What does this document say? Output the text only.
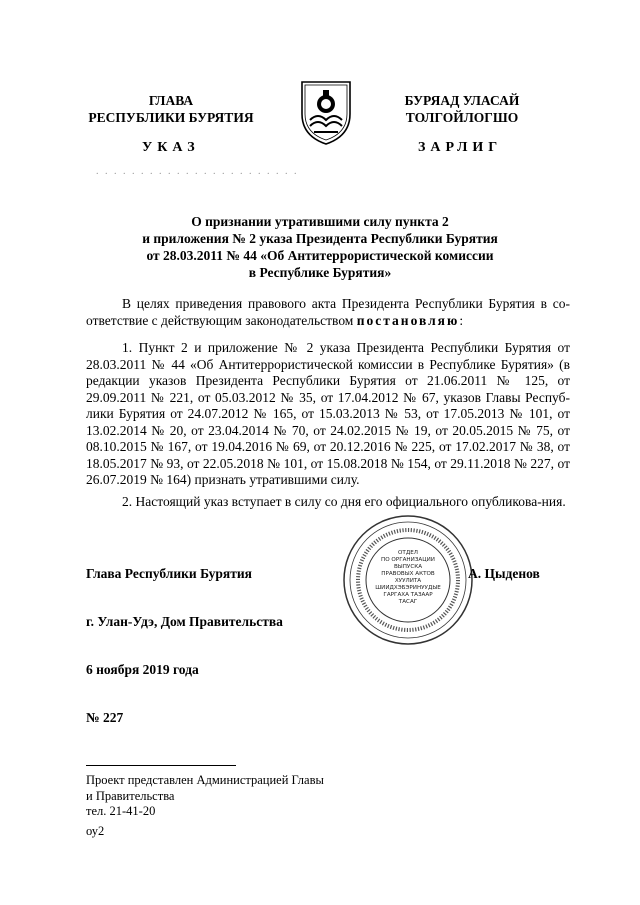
ГЛАВА
РЕСПУБЛИКИ БУРЯТИЯ
БУРЯАД УЛАСАЙ
ТОЛГОЙЛОГШО
УКАЗ	ЗАРЛИГ
. . . . . . . . . . . . . . . . . . . . . . .
О признании утратившими силу пункта 2
и приложения № 2 указа Президента Республики Бурятия
от 28.03.2011 № 44 «Об Антитеррористической комиссии
в Республике Бурятия»
В целях приведения правового акта Президента Республики Бурятия в со-ответствие с действующим законодательством постановляю:
1. Пункт 2 и приложение № 2 указа Президента Республики Бурятия от 28.03.2011 № 44 «Об Антитеррористической комиссии в Республике Бурятия» (в редакции указов Президента Республики Бурятия от 21.06.2011 № 125, от 29.09.2011 № 221, от 05.03.2012 № 35, от 17.04.2012 № 67, указов Главы Респуб-лики Бурятия от 24.07.2012 № 165, от 15.03.2013 № 53, от 17.05.2013 № 101, от 13.02.2014 № 20, от 23.04.2014 № 70, от 24.02.2015 № 19, от 20.05.2015 № 75, от 08.10.2015 № 167, от 19.04.2016 № 69, от 20.12.2016 № 225, от 17.02.2017 № 38, от 18.05.2017 № 93, от 22.05.2018 № 101, от 15.08.2018 № 154, от 29.11.2018 № 227, от 26.07.2019 № 164) признать утратившими силу.
2. Настоящий указ вступает в силу со дня его официального опубликова-ния.
ОТДЕЛ
ПО ОРГАНИЗАЦИИ
ВЫПУСКА
ПРАВОВЫХ АКТОВ
ХУУЛИТА
ШИИДХЭБЭРИНУУДЫЕ
ГАРГАХА ТАЗААР
ТАСАГ
Глава Республики Бурятия	А. Цыденов
г. Улан-Удэ, Дом Правительства
6 ноября 2019 года
№ 227
Проект представлен Администрацией Главы
и Правительства
тел. 21-41-20
оу2
